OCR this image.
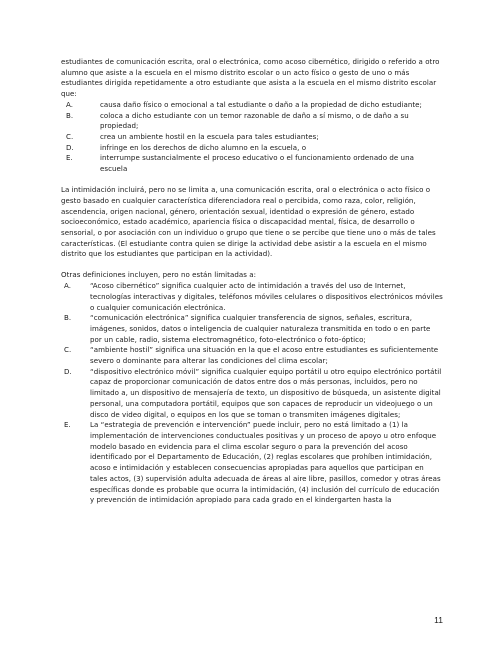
estudiantes de comunicación escrita, oral o electrónica, como acoso cibernético, dirigido o referido a otro alumno que asiste a la escuela en el mismo distrito escolar o un acto físico o gesto de uno o más estudiantes dirigida repetidamente a otro estudiante que asista a la escuela en el mismo distrito escolar que:

A.	causa daño físico o emocional a tal estudiante o daño a la propiedad de dicho estudiante;
B.	coloca a dicho estudiante con un temor razonable de daño a sí mismo, o de daño a su propiedad;
C.	crea un ambiente hostil en la escuela para tales estudiantes;
D.	infringe en los derechos de dicho alumno en la escuela, o
E.	interrumpe sustancialmente el proceso educativo o el funcionamiento ordenado de una escuela

La intimidación incluirá, pero no se limita a, una comunicación escrita, oral o electrónica o acto físico o gesto basado en cualquier característica diferenciadora real o percibida, como raza, color, religión, ascendencia, origen nacional, género, orientación sexual, identidad o expresión de género, estado socioeconómico, estado académico, apariencia física o discapacidad mental, física, de desarrollo o sensorial, o por asociación con un individuo o grupo que tiene o se percibe que tiene uno o más de tales características. (El estudiante contra quien se dirige la actividad debe asistir a la escuela en el mismo distrito que los estudiantes que participan en la actividad).

Otras definiciones incluyen, pero no están limitadas a:

A.	“Acoso cibernético” significa cualquier acto de intimidación a través del uso de Internet, tecnologías interactivas y digitales, teléfonos móviles celulares o dispositivos electrónicos móviles o cualquier comunicación electrónica.
B.	“comunicación electrónica” significa cualquier transferencia de signos, señales, escritura, imágenes, sonidos, datos o inteligencia de cualquier naturaleza transmitida en todo o en parte por un cable, radio, sistema electromagnético, foto-electrónico o foto-óptico;
C.	“ambiente hostil” significa una situación en la que el acoso entre estudiantes es suficientemente severo o dominante para alterar las condiciones del clima escolar;
D.	“dispositivo electrónico móvil” significa cualquier equipo portátil u otro equipo electrónico portátil capaz de proporcionar comunicación de datos entre dos o más personas, incluidos, pero no limitado a, un dispositivo de mensajería de texto, un dispositivo de búsqueda, un asistente digital personal, una computadora portátil, equipos que son capaces de reproducir un videojuego o un disco de video digital, o equipos en los que se toman o transmiten imágenes digitales;
E.	La “estrategia de prevención e intervención” puede incluir, pero no está limitado a (1) la implementación de intervenciones conductuales positivas y un proceso de apoyo u otro enfoque modelo basado en evidencia para el clima escolar seguro o para la prevención del acoso identificado por el Departamento de Educación, (2) reglas escolares que prohíben intimidación, acoso e intimidación y establecen consecuencias apropiadas para aquellos que participan en tales actos, (3) supervisión adulta adecuada de áreas al aire libre, pasillos, comedor y otras áreas específicas donde es probable que ocurra la intimidación, (4) inclusión del currículo de educación y prevención de intimidación apropiado para cada grado en el kindergarten hasta la
11
